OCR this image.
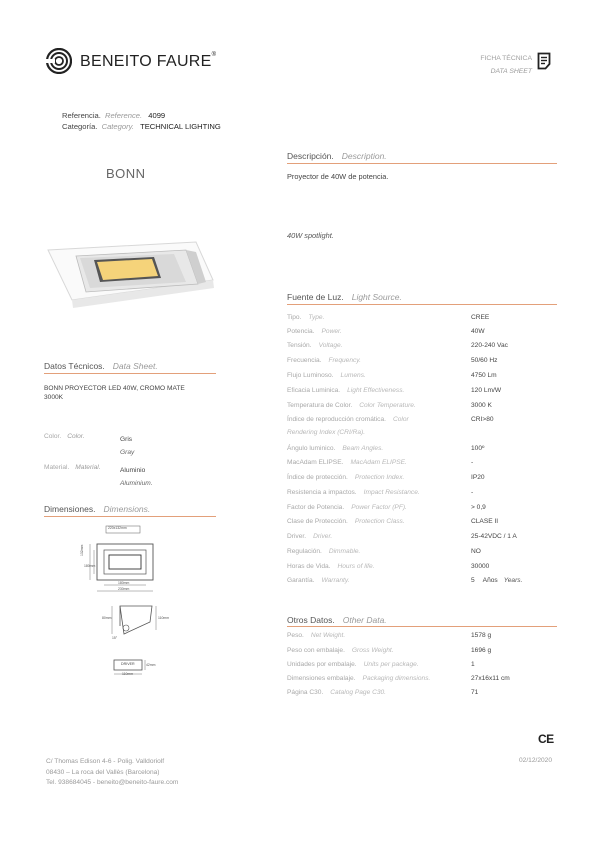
BENEITO FAURE®	FICHA TÉCNICA
DATA SHEET
Referencia. Reference. 4099
Categoría. Category. TECHNICAL LIGHTING
BONN
Descripción. Description.
Proyector de 40W de potencia.
40W spotlight.
Datos Técnicos. Data Sheet.
BONN PROYECTOR LED 40W, CROMO MATE
3000K
Color. Color.	Gris
Gray
Material. Material.	Aluminio
Aluminium.
Dimensiones. Dimensions.
220x132mm
132mm
180mm
180mm
230mm
80mm
15°
110mm
DRIVER	42mm
110mm
Fuente de Luz. Light Source.
Tipo. Type.	CREE
Potencia. Power.	40W
Tensión. Voltage.	220-240 Vac
Frecuencia. Frequency.	50/60 Hz
Flujo Luminoso. Lumens.	4750 Lm
Eficacia Luminica. Light Effectiveness.	120 Lm/W
Temperatura de Color. Color Temperature.	3000 K
Índice de reproducción cromática. Color	CRI>80
Rendering Index (CRI/Ra).
Ángulo luminico. Beam Angles.	100º
MacAdam ELIPSE. MacAdam ELIPSE.	-
Índice de protección. Protection Index.	IP20
Resistencia a impactos. Impact Resistance.	-
Factor de Potencia. Power Factor (PF).	> 0,9
Clase de Protección. Protection Class.	CLASE II
Driver. Driver.	25-42VDC / 1 A
Regulación. Dimmable.	NO
Horas de Vida. Hours of life.	30000
Garantía. Warranty.	5 Años Years.
Otros Datos. Other Data.
Peso. Net Weight.	1578 g
Peso con embalaje. Gross Weight.	1696 g
Unidades por embalaje. Units per package.	1
Dimensiones embalaje. Packaging dimensions.	27x16x11 cm
Página C30. Catalog Page C30.	71
CE
C/ Thomas Edison 4-6 - Polig. Valldoriolf
08430 – La roca del Vallès (Barcelona)
Tel. 938684045 - beneito@beneito-faure.com
02/12/2020
